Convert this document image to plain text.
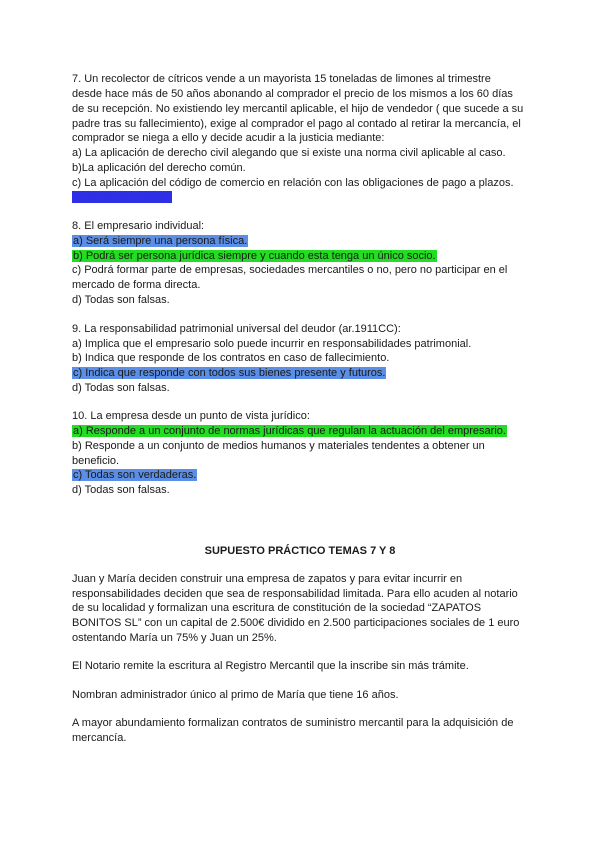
7. Un recolector de cítricos vende a un mayorista 15 toneladas de limones al trimestre
desde hace más de 50 años abonando al comprador el precio de los mismos a los 60 días
de su recepción. No existiendo ley mercantil aplicable, el hijo de vendedor ( que sucede a su
padre tras su fallecimiento), exige al comprador el pago al contado al retirar la mercancía, el
comprador se niega a ello y decide acudir a la justicia mediante:
a) La aplicación de derecho civil alegando que si existe una norma civil aplicable al caso.
b)La aplicación del derecho común.
c) La aplicación del código de comercio en relación con las obligaciones de pago a plazos.
d) Todas son falsas.
8. El empresario individual:
a) Será siempre una persona física.
b) Podrá ser persona jurídica siempre y cuando esta tenga un único socio.
c) Podrá formar parte de empresas, sociedades mercantiles o no, pero no participar en el
mercado de forma directa.
d) Todas son falsas.
9. La responsabilidad patrimonial universal del deudor (ar.1911CC):
a) Implica que el empresario solo puede incurrir en responsabilidades patrimonial.
b) Indica que responde de los contratos en caso de fallecimiento.
c) Indica que responde con todos sus bienes presente y futuros.
d) Todas son falsas.
10. La empresa desde un punto de vista jurídico:
a) Responde a un conjunto de normas jurídicas que regulan la actuación del empresario.
b) Responde a un conjunto de medios humanos y materiales tendentes a obtener un
beneficio.
c) Todas son verdaderas.
d) Todas son falsas.
SUPUESTO PRÁCTICO TEMAS 7 Y 8
Juan y María deciden construir una empresa de zapatos y para evitar incurrir en
responsabilidades deciden que sea de responsabilidad limitada. Para ello acuden al notario
de su localidad y formalizan una escritura de constitución de la sociedad “ZAPATOS
BONITOS SL” con un capital de 2.500€ dividido en 2.500 participaciones sociales de 1 euro
ostentando María un 75% y Juan un 25%.
El Notario remite la escritura al Registro Mercantil que la inscribe sin más trámite.
Nombran administrador único al primo de María que tiene 16 años.
A mayor abundamiento formalizan contratos de suministro mercantil para la adquisición de
mercancía.
